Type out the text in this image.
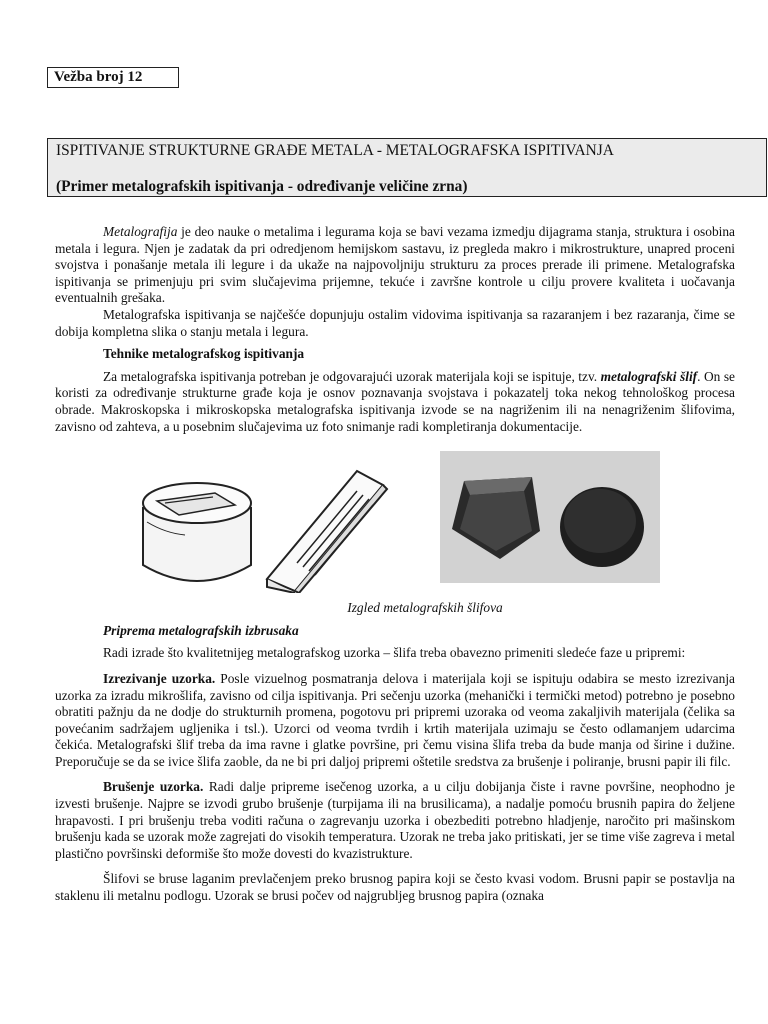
Vežba broj 12
ISPITIVANJE STRUKTURNE GRAĐE METALA - METALOGRAFSKA ISPITIVANJA
(Primer metalografskih ispitivanja - određivanje veličine zrna)

Metalografija je deo nauke o metalima i legurama koja se bavi vezama izmedju dijagrama stanja, struktura i osobina metala i legura. Njen je zadatak da pri odredjenom hemijskom sastavu, iz pregleda makro i mikrostrukture, unapred proceni svojstva i ponašanje metala ili legure i da ukaže na najpovoljniju strukturu za proces prerade ili primene. Metalografska ispitivanja se primenjuju pri svim slučajevima prijemne, tekuće i završne kontrole u cilju provere kvaliteta i uočavanja eventualnih grešaka.

Metalografska ispitivanja se najčešće dopunjuju ostalim vidovima ispitivanja sa razaranjem i bez razaranja, čime se dobija kompletna slika o stanju metala i legura.

Tehnike metalografskog ispitivanja

Za metalografska ispitivanja potreban je odgovarajući uzorak materijala koji se ispituje, tzv. metalografski šlif. On se koristi za određivanje strukturne građe koja je osnov poznavanja svojstava i pokazatelj toka nekog tehnološkog procesa obrade. Makroskopska i mikroskopska metalografska ispitivanja izvode se na nagriženim ili na nenagriženim šlifovima, zavisno od zahteva, a u posebnim slučajevima uz foto snimanje radi kompletiranja dokumentacije.

Izgled metalografskih šlifova
Priprema metalografskih izbrusaka

Radi izrade što kvalitetnijeg metalografskog uzorka – šlifa treba obavezno primeniti sledeće faze u pripremi:

Izrezivanje uzorka. Posle vizuelnog posmatranja delova i materijala koji se ispituju odabira se mesto izrezivanja uzorka za izradu mikrošlifa, zavisno od cilja ispitivanja. Pri sečenju uzorka (mehanički i termički metod) potrebno je posebno obratiti pažnju da ne dodje do strukturnih promena, pogotovu pri pripremi uzoraka od veoma zakaljivih materijala (čelika sa povećanim sadržajem ugljenika i tsl.). Uzorci od veoma tvrdih i krtih materijala uzimaju se često odlamanjem udarcima čekića. Metalografski šlif treba da ima ravne i glatke površine, pri čemu visina šlifa treba da bude manja od širine i dužine. Preporučuje se da se ivice šlifa zaoble, da ne bi pri daljoj pripremi oštetile sredstva za brušenje i poliranje, brusni papir ili filc.

Brušenje uzorka. Radi dalje pripreme isečenog uzorka, a u cilju dobijanja čiste i ravne površine, neophodno je izvesti brušenje. Najpre se izvodi grubo brušenje (turpijama ili na brusilicama), a nadalje pomoću brusnih papira do željene hrapavosti. I pri brušenju treba voditi računa o zagrevanju uzorka i obezbediti potrebno hladjenje, naročito pri mašinskom brušenju kada se uzorak može zagrejati do visokih temperatura. Uzorak ne treba jako pritiskati, jer se time više zagreva i metal plastično površinski deformiše što može dovesti do kvazistrukture.

Šlifovi se bruse laganim prevlačenjem preko brusnog papira koji se često kvasi vodom. Brusni papir se postavlja na staklenu ili metalnu podlogu. Uzorak se brusi počev od najgrubljeg brusnog papira (oznaka
